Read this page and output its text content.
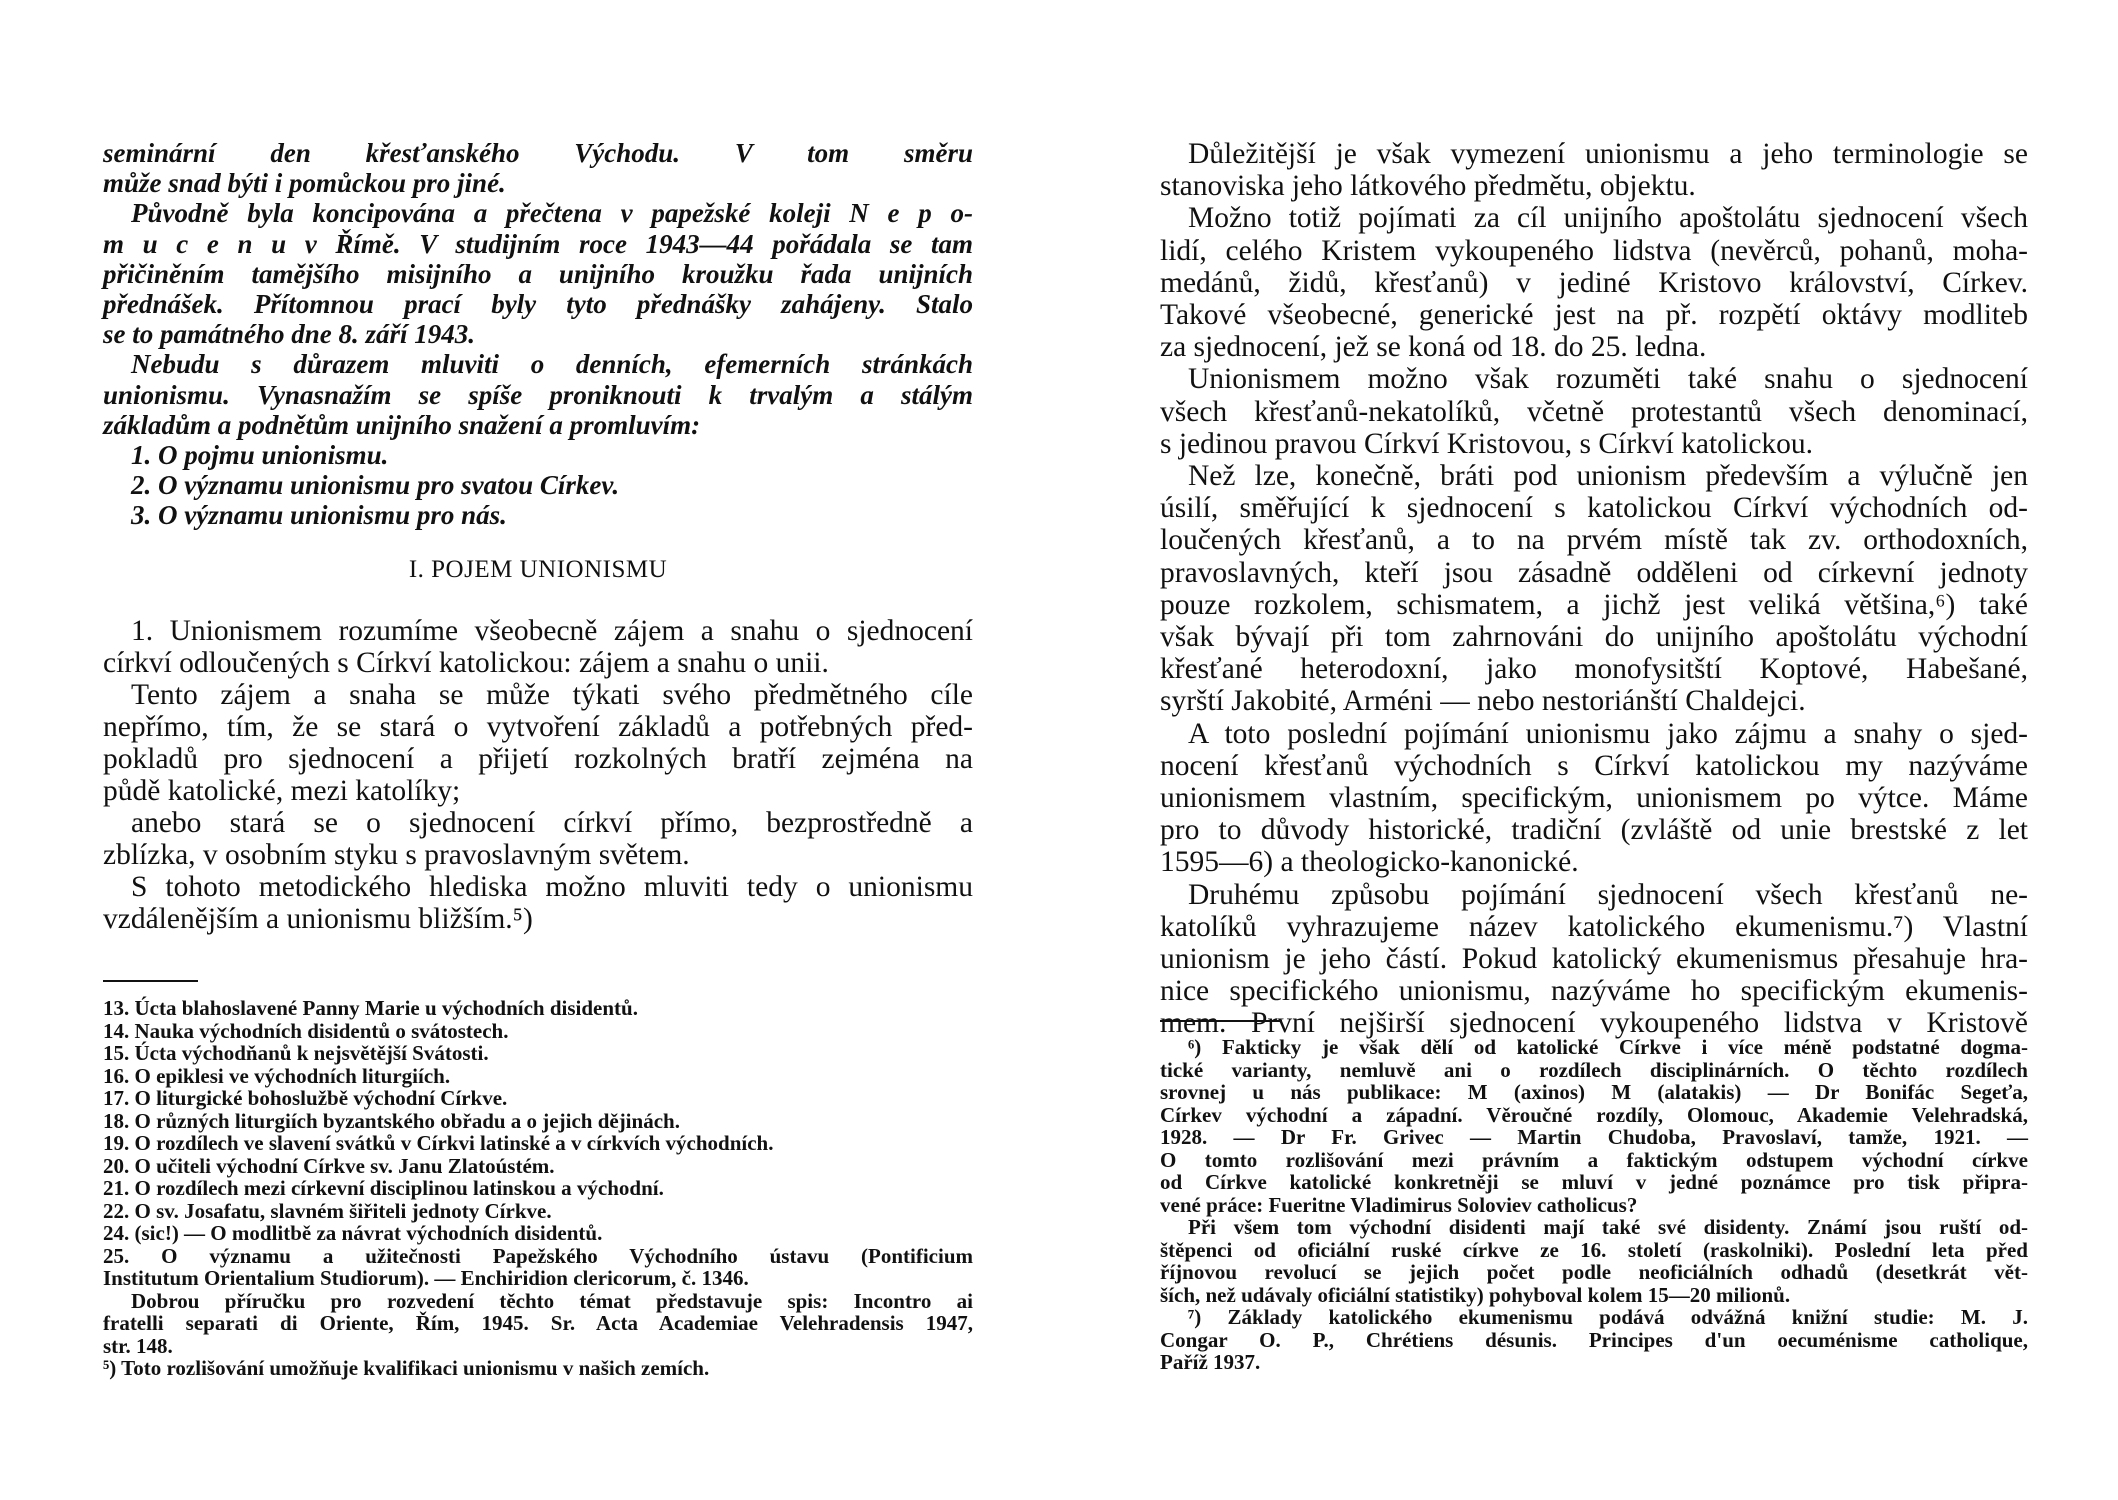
seminární den křesťanského Východu. V tom směru
může snad býti i pomůckou pro jiné.
Původně byla koncipována a přečtena v papežské koleji N e p o-
m u c e n u v Římě. V studijním roce 1943—44 pořádala se tam
přičiněním tamějšího misijního a unijního kroužku řada unijních
přednášek. Přítomnou prací byly tyto přednášky zahájeny. Stalo
se to památného dne 8. září 1943.
Nebudu s důrazem mluviti o denních, efemerních stránkách
unionismu. Vynasnažím se spíše proniknouti k trvalým a stálým
základům a podnětům unijního snažení a promluvím:
1. O pojmu unionismu.
2. O významu unionismu pro svatou Církev.
3. O významu unionismu pro nás.
I. POJEM UNIONISMU
1. Unionismem rozumíme všeobecně zájem a snahu o sjednocení
církví odloučených s Církví katolickou: zájem a snahu o unii.
Tento zájem a snaha se může týkati svého předmětného cíle
nepřímo, tím, že se stará o vytvoření základů a potřebných před-
pokladů pro sjednocení a přijetí rozkolných bratří zejména na
půdě katolické, mezi katolíky;
anebo stará se o sjednocení církví přímo, bezprostředně a
zblízka, v osobním styku s pravoslavným světem.
S tohoto metodického hlediska možno mluviti tedy o unionismu
vzdálenějším a unionismu bližším.⁵)
13. Úcta blahoslavené Panny Marie u východních disidentů.
14. Nauka východních disidentů o svátostech.
15. Úcta východňanů k nejsvětější Svátosti.
16. O epiklesi ve východních liturgiích.
17. O liturgické bohoslužbě východní Církve.
18. O různých liturgiích byzantského obřadu a o jejich dějinách.
19. O rozdílech ve slavení svátků v Církvi latinské a v církvích východních.
20. O učiteli východní Církve sv. Janu Zlatoústém.
21. O rozdílech mezi církevní disciplinou latinskou a východní.
22. O sv. Josafatu, slavném šiřiteli jednoty Církve.
24. (sic!) — O modlitbě za návrat východních disidentů.
25. O významu a užitečnosti Papežského Východního ústavu (Pontificium
Institutum Orientalium Studiorum). — Enchiridion clericorum, č. 1346.
Dobrou příručku pro rozvedení těchto témat představuje spis: Incontro ai
fratelli separati di Oriente, Řím, 1945. Sr. Acta Academiae Velehradensis 1947,
str. 148.
⁵) Toto rozlišování umožňuje kvalifikaci unionismu v našich zemích.
Důležitější je však vymezení unionismu a jeho terminologie se
stanoviska jeho látkového předmětu, objektu.
Možno totiž pojímati za cíl unijního apoštolátu sjednocení všech
lidí, celého Kristem vykoupeného lidstva (nevěrců, pohanů, moha-
medánů, židů, křesťanů) v jediné Kristovo království, Církev.
Takové všeobecné, generické jest na př. rozpětí oktávy modliteb
za sjednocení, jež se koná od 18. do 25. ledna.
Unionismem možno však rozuměti také snahu o sjednocení
všech křesťanů-nekatolíků, včetně protestantů všech denominací,
s jedinou pravou Církví Kristovou, s Církví katolickou.
Než lze, konečně, bráti pod unionism především a výlučně jen
úsilí, směřující k sjednocení s katolickou Církví východních od-
loučených křesťanů, a to na prvém místě tak zv. orthodoxních,
pravoslavných, kteří jsou zásadně odděleni od církevní jednoty
pouze rozkolem, schismatem, a jichž jest veliká většina,⁶) také
však bývají při tom zahrnováni do unijního apoštolátu východní
křesťané heterodoxní, jako monofysitští Koptové, Habešané,
syrští Jakobité, Arméni — nebo nestoriánští Chaldejci.
A toto poslední pojímání unionismu jako zájmu a snahy o sjed-
nocení křesťanů východních s Církví katolickou my nazýváme
unionismem vlastním, specifickým, unionismem po výtce. Máme
pro to důvody historické, tradiční (zvláště od unie brestské z let
1595—6) a theologicko-kanonické.
Druhému způsobu pojímání sjednocení všech křesťanů ne-
katolíků vyhrazujeme název katolického ekumenismu.⁷) Vlastní
unionism je jeho částí. Pokud katolický ekumenismus přesahuje hra-
nice specifického unionismu, nazýváme ho specifickým ekumenis-
mem. První nejširší sjednocení vykoupeného lidstva v Kristově
⁶) Fakticky je však dělí od katolické Církve i více méně podstatné dogma-
tické varianty, nemluvě ani o rozdílech disciplinárních. O těchto rozdílech
srovnej u nás publikace: M (axinos) M (alatakis) — Dr Bonifác Segeťa,
Církev východní a západní. Věroučné rozdíly, Olomouc, Akademie Velehradská,
1928. — Dr Fr. Grivec — Martin Chudoba, Pravoslaví, tamže, 1921. —
O tomto rozlišování mezi právním a faktickým odstupem východní církve
od Církve katolické konkretněji se mluví v jedné poznámce pro tisk připra-
vené práce: Fueritne Vladimirus Soloviev catholicus?
Při všem tom východní disidenti mají také své disidenty. Známí jsou ruští od-
štěpenci od oficiální ruské církve ze 16. století (raskolniki). Poslední leta před
říjnovou revolucí se jejich počet podle neoficiálních odhadů (desetkrát vět-
ších, než udávaly oficiální statistiky) pohyboval kolem 15—20 milionů.
⁷) Základy katolického ekumenismu podává odvážná knižní studie: M. J.
Congar O. P., Chrétiens désunis. Principes d'un oecuménisme catholique,
Paříž 1937.
